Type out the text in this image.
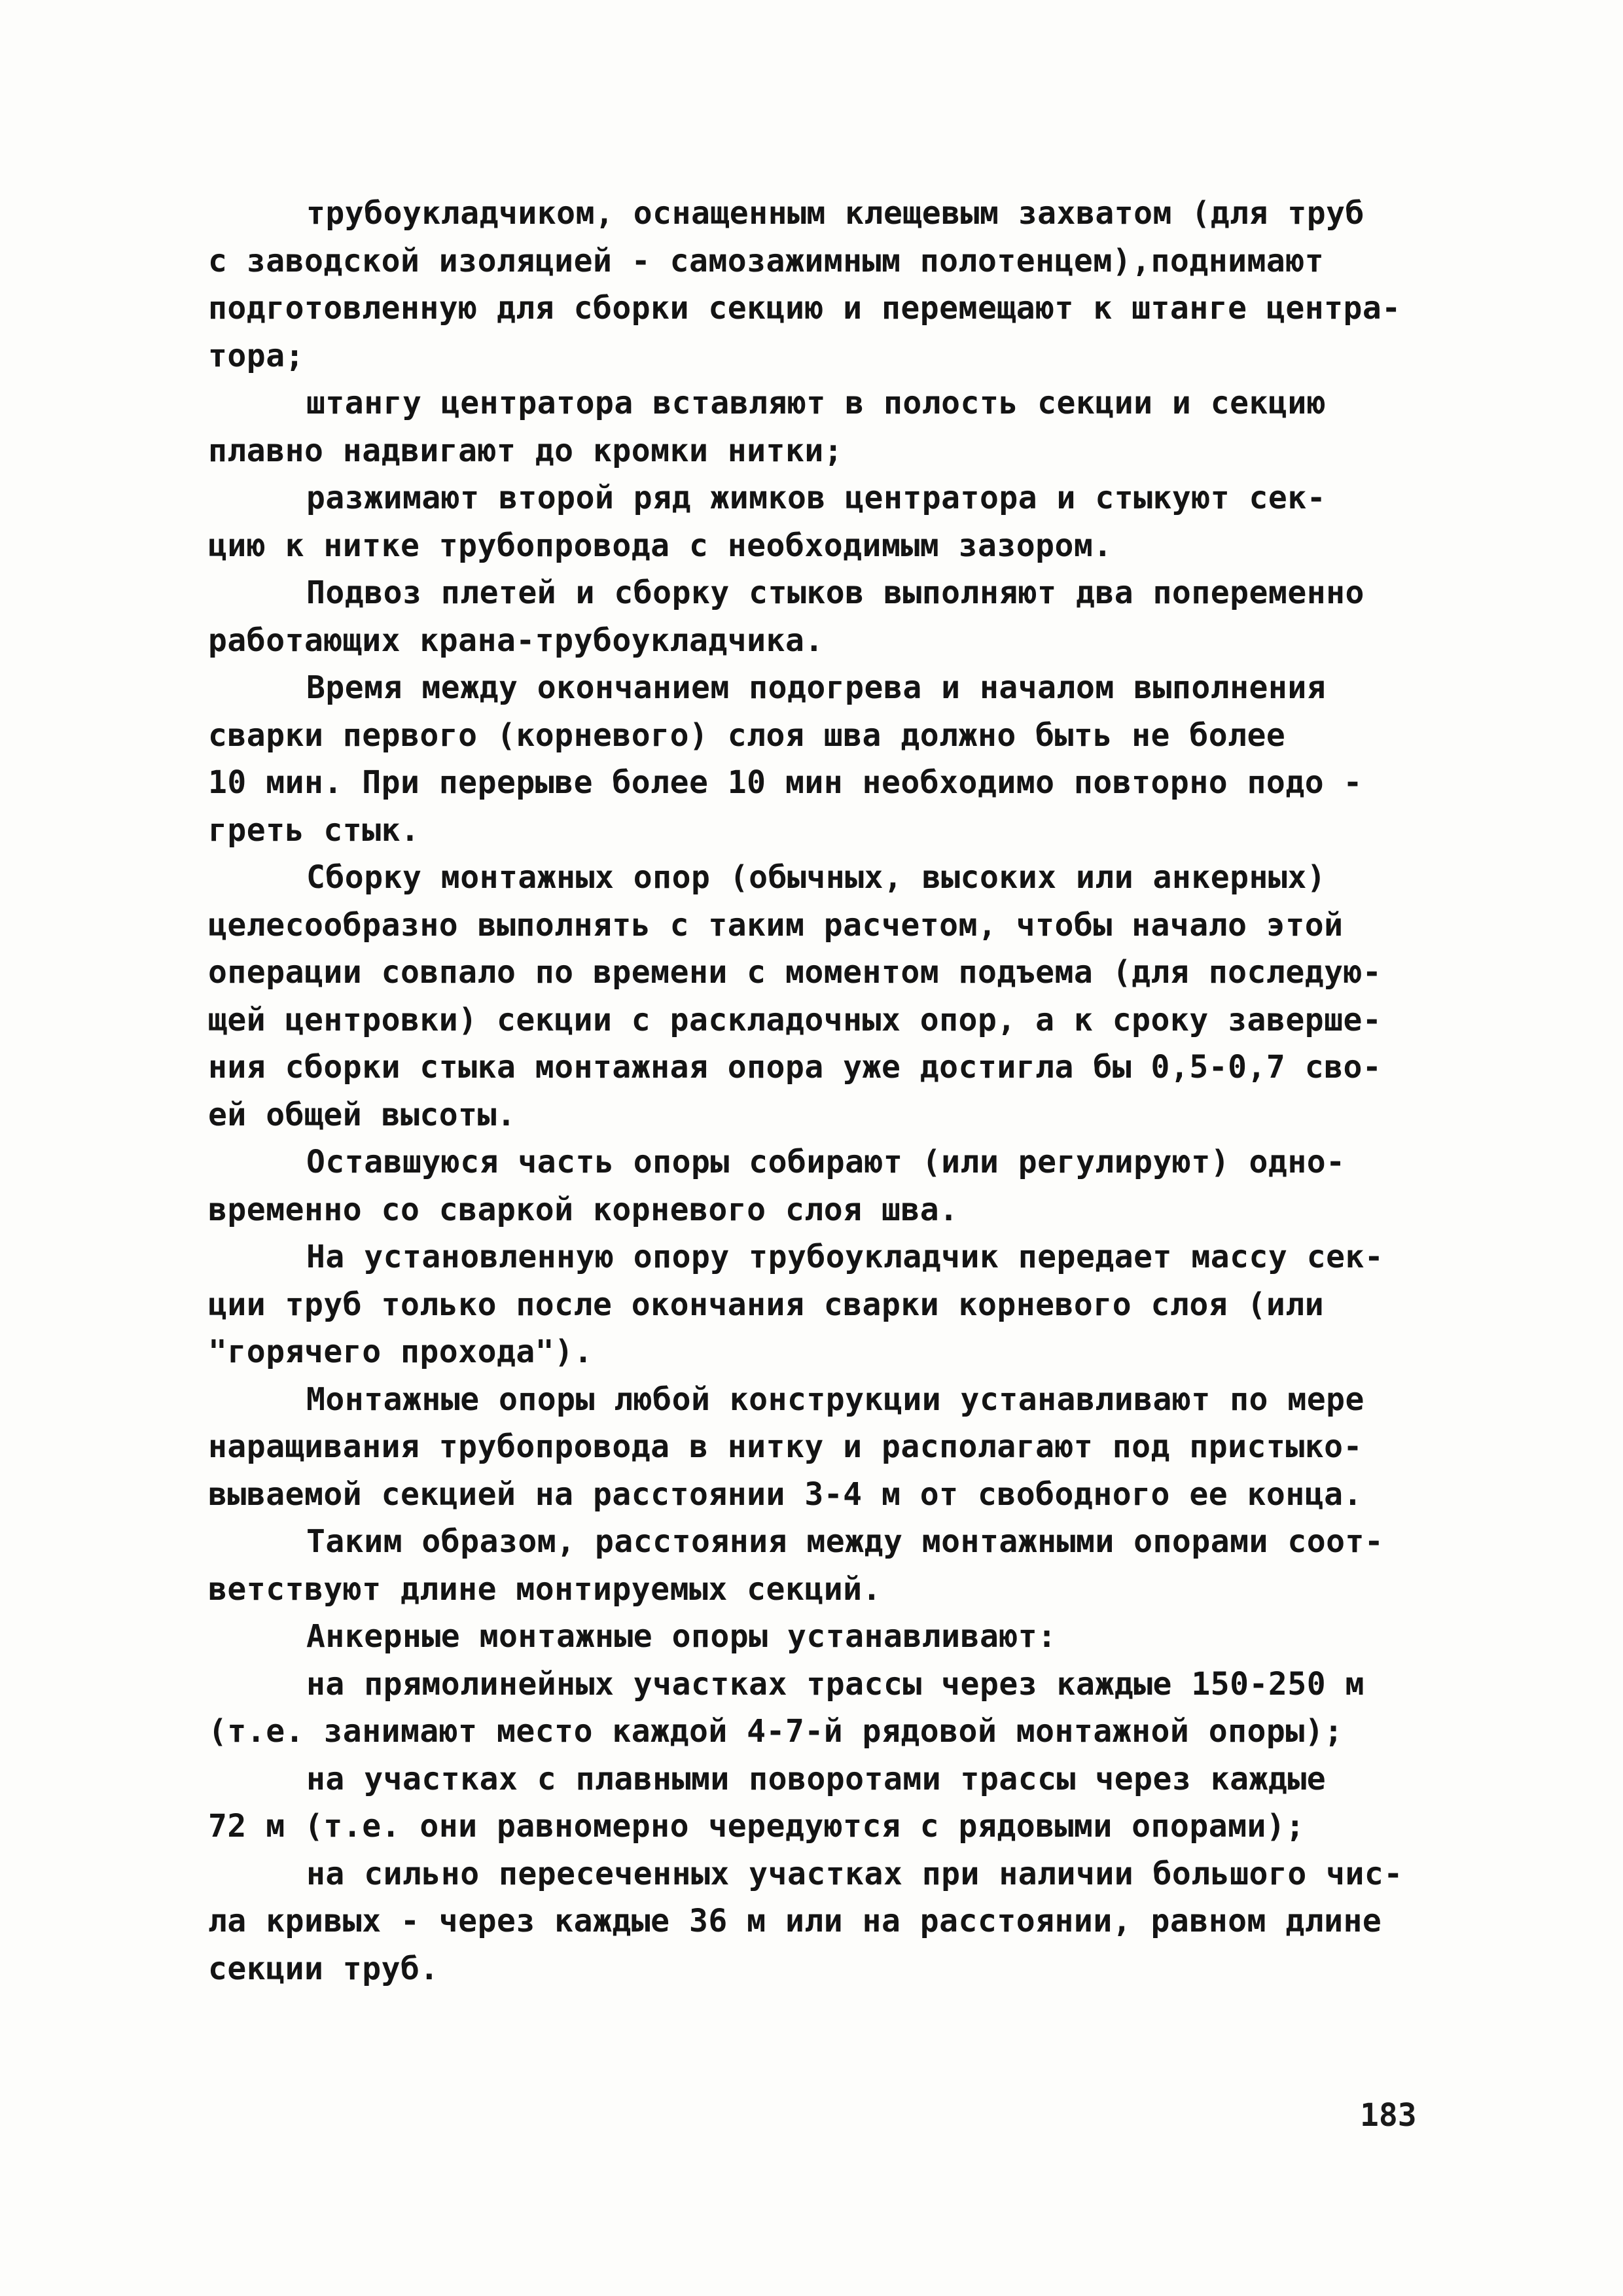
трубоукладчиком, оснащенным клещевым захватом (для труб
с заводской изоляцией - самозажимным полотенцем),поднимают
подготовленную для сборки секцию и перемещают к штанге центра-
тора;
штангу центратора вставляют в полость секции и секцию
плавно надвигают до кромки нитки;
разжимают второй ряд жимков центратора и стыкуют сек-
цию к нитке трубопровода с необходимым зазором.
Подвоз плетей и сборку стыков выполняют два попеременно
работающих крана-трубоукладчика.
Время между окончанием подогрева и началом выполнения
сварки первого (корневого) слоя шва должно быть не более
10 мин. При перерыве более 10 мин необходимо повторно подо -
греть стык.
Сборку монтажных опор (обычных, высоких или анкерных)
целесообразно выполнять с таким расчетом, чтобы начало этой
операции совпало по времени с моментом подъема (для последую-
щей центровки) секции с раскладочных опор, а к сроку заверше-
ния сборки стыка монтажная опора уже достигла бы 0,5-0,7 сво-
ей общей высоты.
Оставшуюся часть опоры собирают (или регулируют) одно-
временно со сваркой корневого слоя шва.
На установленную опору трубоукладчик передает массу сек-
ции труб только после окончания сварки корневого слоя (или
"горячего прохода").
Монтажные опоры любой конструкции устанавливают по мере
наращивания трубопровода в нитку и располагают под пристыко-
вываемой секцией на расстоянии 3-4 м от свободного ее конца.
Таким образом, расстояния между монтажными опорами соот-
ветствуют длине монтируемых секций.
Анкерные монтажные опоры устанавливают:
на прямолинейных участках трассы через каждые 150-250 м
(т.е. занимают место каждой 4-7-й рядовой монтажной опоры);
на участках с плавными поворотами трассы через каждые
72 м (т.е. они равномерно чередуются с рядовыми опорами);
на сильно пересеченных участках при наличии большого чис-
ла кривых - через каждые 36 м или на расстоянии, равном длине
секции труб.
183
